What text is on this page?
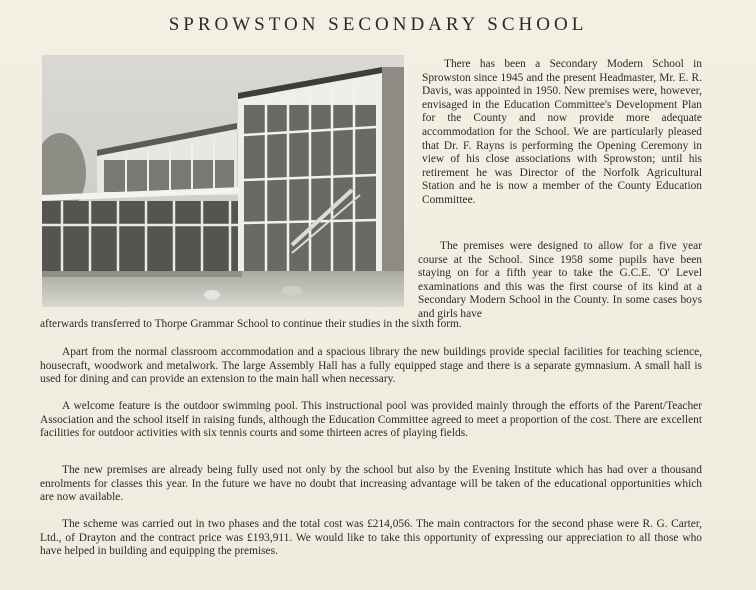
SPROWSTON SECONDARY SCHOOL

There has been a Secondary Modern School in Sprowston since 1945 and the present Headmaster, Mr. E. R. Davis, was appointed in 1950. New premises were, however, envisaged in the Education Committee's Development Plan for the County and now provide more adequate accommodation for the School. We are particularly pleased that Dr. F. Rayns is performing the Opening Ceremony in view of his close associations with Sprowston; until his retirement he was Director of the Norfolk Agricultural Station and he is now a member of the County Education Committee.

The premises were designed to allow for a five year course at the School. Since 1958 some pupils have been staying on for a fifth year to take the G.C.E. 'O' Level examinations and this was the first course of its kind at a Secondary Modern School in the County. In some cases boys and girls have

afterwards transferred to Thorpe Grammar School to continue their studies in the sixth form.

Apart from the normal classroom accommodation and a spacious library the new buildings provide special facilities for teaching science, housecraft, woodwork and metalwork. The large Assembly Hall has a fully equipped stage and there is a separate gymnasium. A small hall is used for dining and can provide an extension to the main hall when necessary.

A welcome feature is the outdoor swimming pool. This instructional pool was provided mainly through the efforts of the Parent/Teacher Association and the school itself in raising funds, although the Education Committee agreed to meet a proportion of the cost. There are excellent facilities for outdoor activities with six tennis courts and some thirteen acres of playing fields.

The new premises are already being fully used not only by the school but also by the Evening Institute which has had over a thousand enrolments for classes this year. In the future we have no doubt that increasing advantage will be taken of the educational opportunities which are now available.

The scheme was carried out in two phases and the total cost was £214,056. The main contractors for the second phase were R. G. Carter, Ltd., of Drayton and the contract price was £193,911. We would like to take this opportunity of expressing our appreciation to all those who have helped in building and equipping the premises.
